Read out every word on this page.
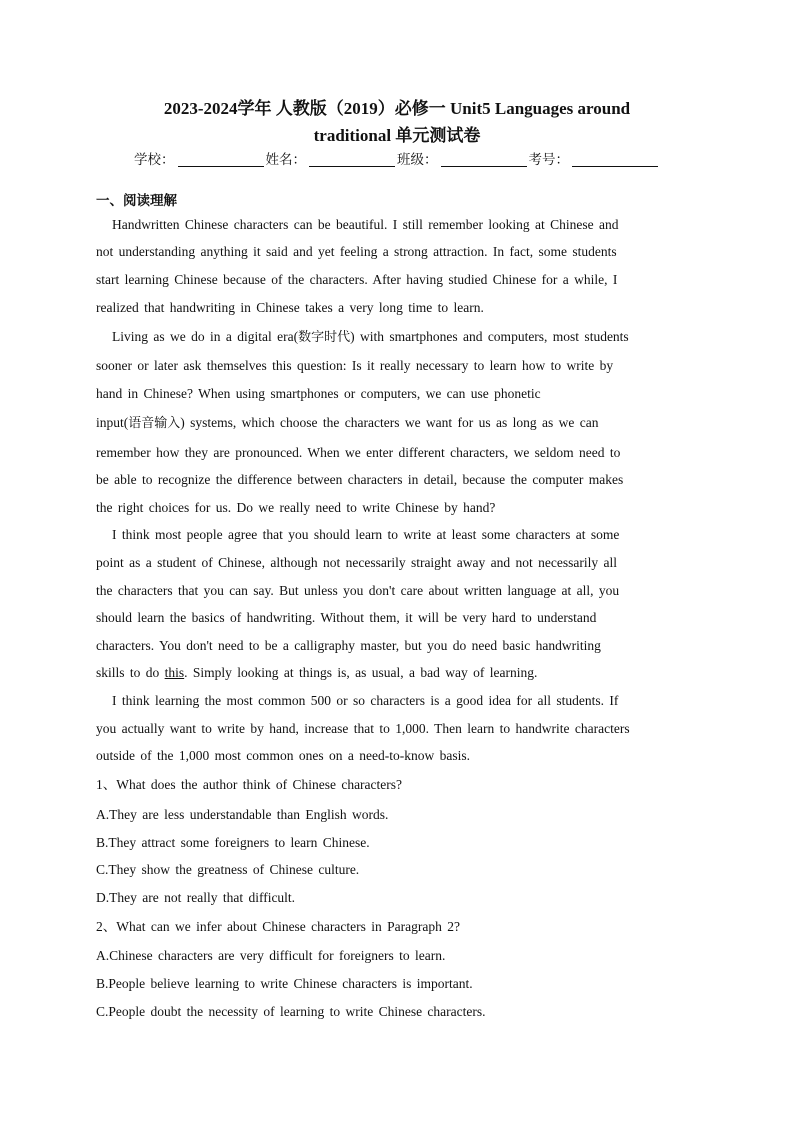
2023-2024学年 人教版（2019）必修一 Unit5 Languages around
traditional 单元测试卷
学校：	姓名：	班级：	考号：
一、阅读理解
Handwritten Chinese characters can be beautiful. I still remember looking at Chinese and
not understanding anything it said and yet feeling a strong attraction. In fact, some students
start learning Chinese because of the characters. After having studied Chinese for a while, I
realized that handwriting in Chinese takes a very long time to learn.
Living as we do in a digital era(数字时代) with smartphones and computers, most students
sooner or later ask themselves this question: Is it really necessary to learn how to write by
hand in Chinese? When using smartphones or computers, we can use phonetic
input(语音输入) systems, which choose the characters we want for us as long as we can
remember how they are pronounced. When we enter different characters, we seldom need to
be able to recognize the difference between characters in detail, because the computer makes
the right choices for us. Do we really need to write Chinese by hand?
I think most people agree that you should learn to write at least some characters at some
point as a student of Chinese, although not necessarily straight away and not necessarily all
the characters that you can say. But unless you don't care about written language at all, you
should learn the basics of handwriting. Without them, it will be very hard to understand
characters. You don't need to be a calligraphy master, but you do need basic handwriting
skills to do this. Simply looking at things is, as usual, a bad way of learning.
I think learning the most common 500 or so characters is a good idea for all students. If
you actually want to write by hand, increase that to 1,000. Then learn to handwrite characters
outside of the 1,000 most common ones on a need-to-know basis.
1、What does the author think of Chinese characters?
A.They are less understandable than English words.
B.They attract some foreigners to learn Chinese.
C.They show the greatness of Chinese culture.
D.They are not really that difficult.
2、What can we infer about Chinese characters in Paragraph 2?
A.Chinese characters are very difficult for foreigners to learn.
B.People believe learning to write Chinese characters is important.
C.People doubt the necessity of learning to write Chinese characters.
